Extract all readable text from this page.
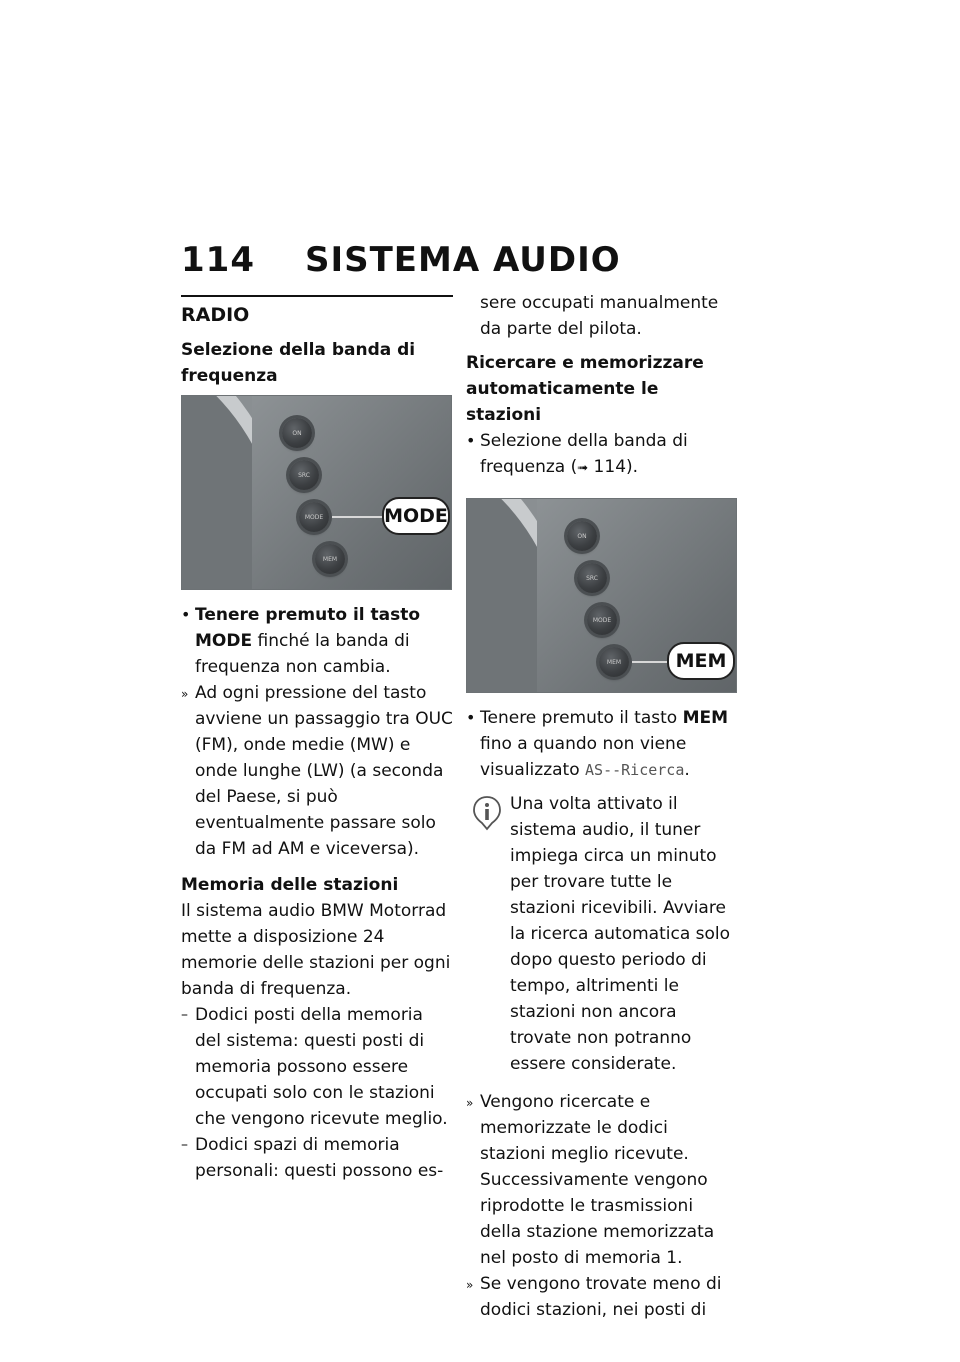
114 SISTEMA AUDIO
RADIO
Selezione della banda di frequenza
ON
SRC
MODE
MEM
MODE
• Tenere premuto il tasto MODE finché la banda di frequenza non cambia.
» Ad ogni pressione del tasto avviene un passaggio tra OUC (FM), onde medie (MW) e onde lunghe (LW) (a seconda del Paese, si può eventualmente passare solo da FM ad AM e viceversa).
Memoria delle stazioni

Il sistema audio BMW Motorrad mette a disposizione 24 memorie delle stazioni per ogni banda di frequenza.

– Dodici posti della memoria del sistema: questi posti di memoria possono essere occupati solo con le stazioni che vengono ricevute meglio.
– Dodici spazi di memoria personali: questi possono es-

sere occupati manualmente da parte del pilota.

Ricercare e memorizzare automaticamente le stazioni
• Selezione della banda di frequenza (➟ 114).
ON
SRC
MODE
MEM	MEM
• Tenere premuto il tasto MEM fino a quando non viene visualizzato AS--Ricerca.

Una volta attivato il sistema audio, il tuner impiega circa un minuto per trovare tutte le stazioni ricevibili. Avviare la ricerca automatica solo dopo questo periodo di tempo, altrimenti le stazioni non ancora trovate non potranno essere considerate.

» Vengono ricercate e memorizzate le dodici stazioni meglio ricevute. Successivamente vengono riprodotte le trasmissioni della stazione memorizzata nel posto di memoria 1.
» Se vengono trovate meno di dodici stazioni, nei posti di
